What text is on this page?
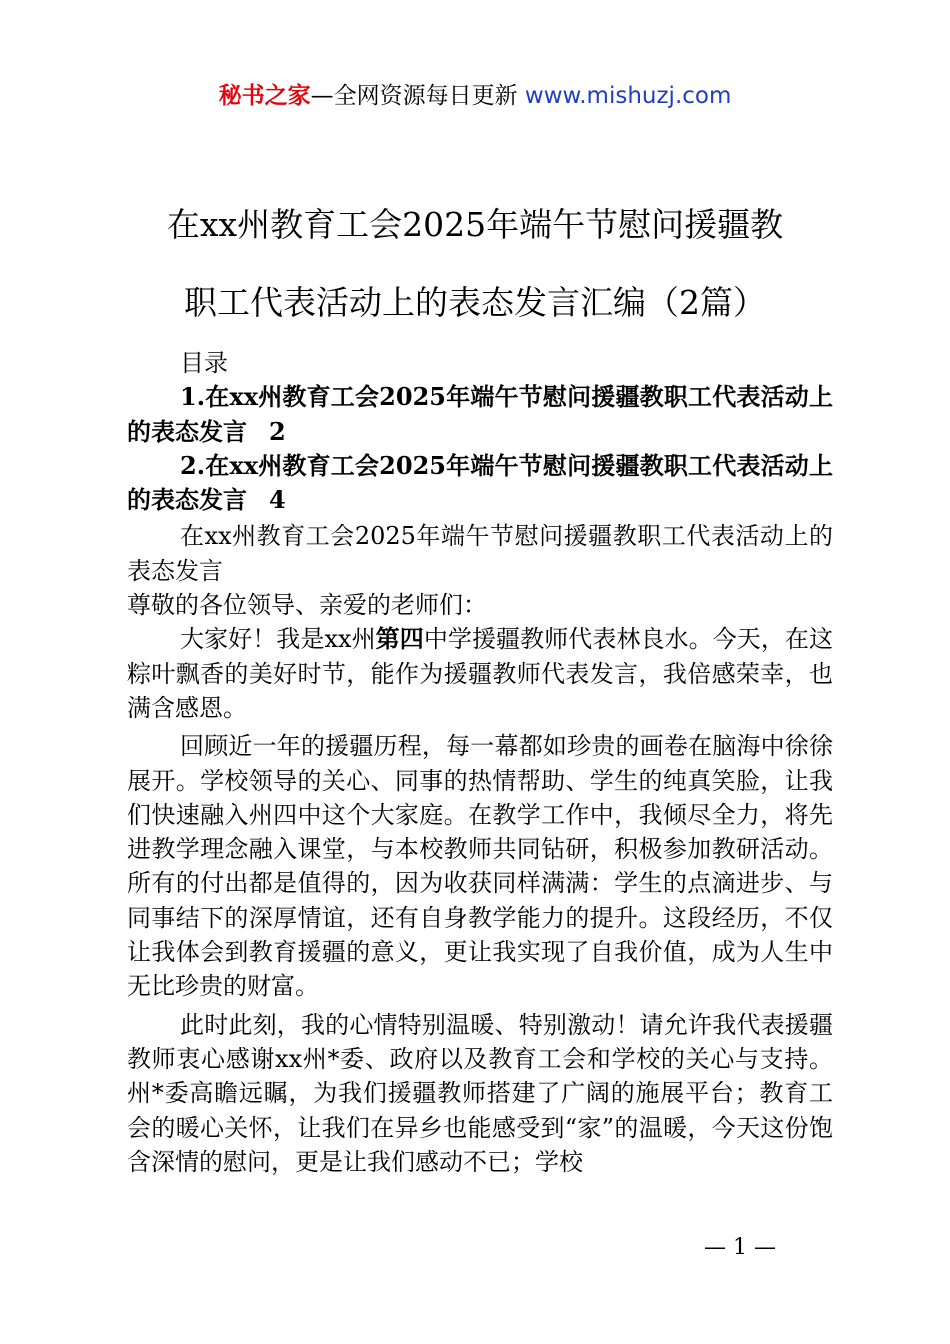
秘书之家—全网资源每日更新 www.mishuzj.com
在xx州教育工会2025年端午节慰问援疆教
职工代表活动上的表态发言汇编（2篇）

目录

1.在xx州教育工会2025年端午节慰问援疆教职工代表活动上的表态发言 2

2.在xx州教育工会2025年端午节慰问援疆教职工代表活动上的表态发言 4

在xx州教育工会2025年端午节慰问援疆教职工代表活动上的表态发言

尊敬的各位领导、亲爱的老师们：

大家好！我是xx州第四中学援疆教师代表林良水。今天，在这粽叶飘香的美好时节，能作为援疆教师代表发言，我倍感荣幸，也满含感恩。

回顾近一年的援疆历程，每一幕都如珍贵的画卷在脑海中徐徐展开。学校领导的关心、同事的热情帮助、学生的纯真笑脸，让我们快速融入州四中这个大家庭。在教学工作中，我倾尽全力，将先进教学理念融入课堂，与本校教师共同钻研，积极参加教研活动。所有的付出都是值得的，因为收获同样满满：学生的点滴进步、与同事结下的深厚情谊，还有自身教学能力的提升。这段经历，不仅让我体会到教育援疆的意义，更让我实现了自我价值，成为人生中无比珍贵的财富。

此时此刻，我的心情特别温暖、特别激动！请允许我代表援疆教师衷心感谢xx州*委、政府以及教育工会和学校的关心与支持。州*委高瞻远瞩，为我们援疆教师搭建了广阔的施展平台；教育工会的暖心关怀，让我们在异乡也能感受到“家”的温暖，今天这份饱含深情的慰问，更是让我们感动不已；学校

— 1 —
